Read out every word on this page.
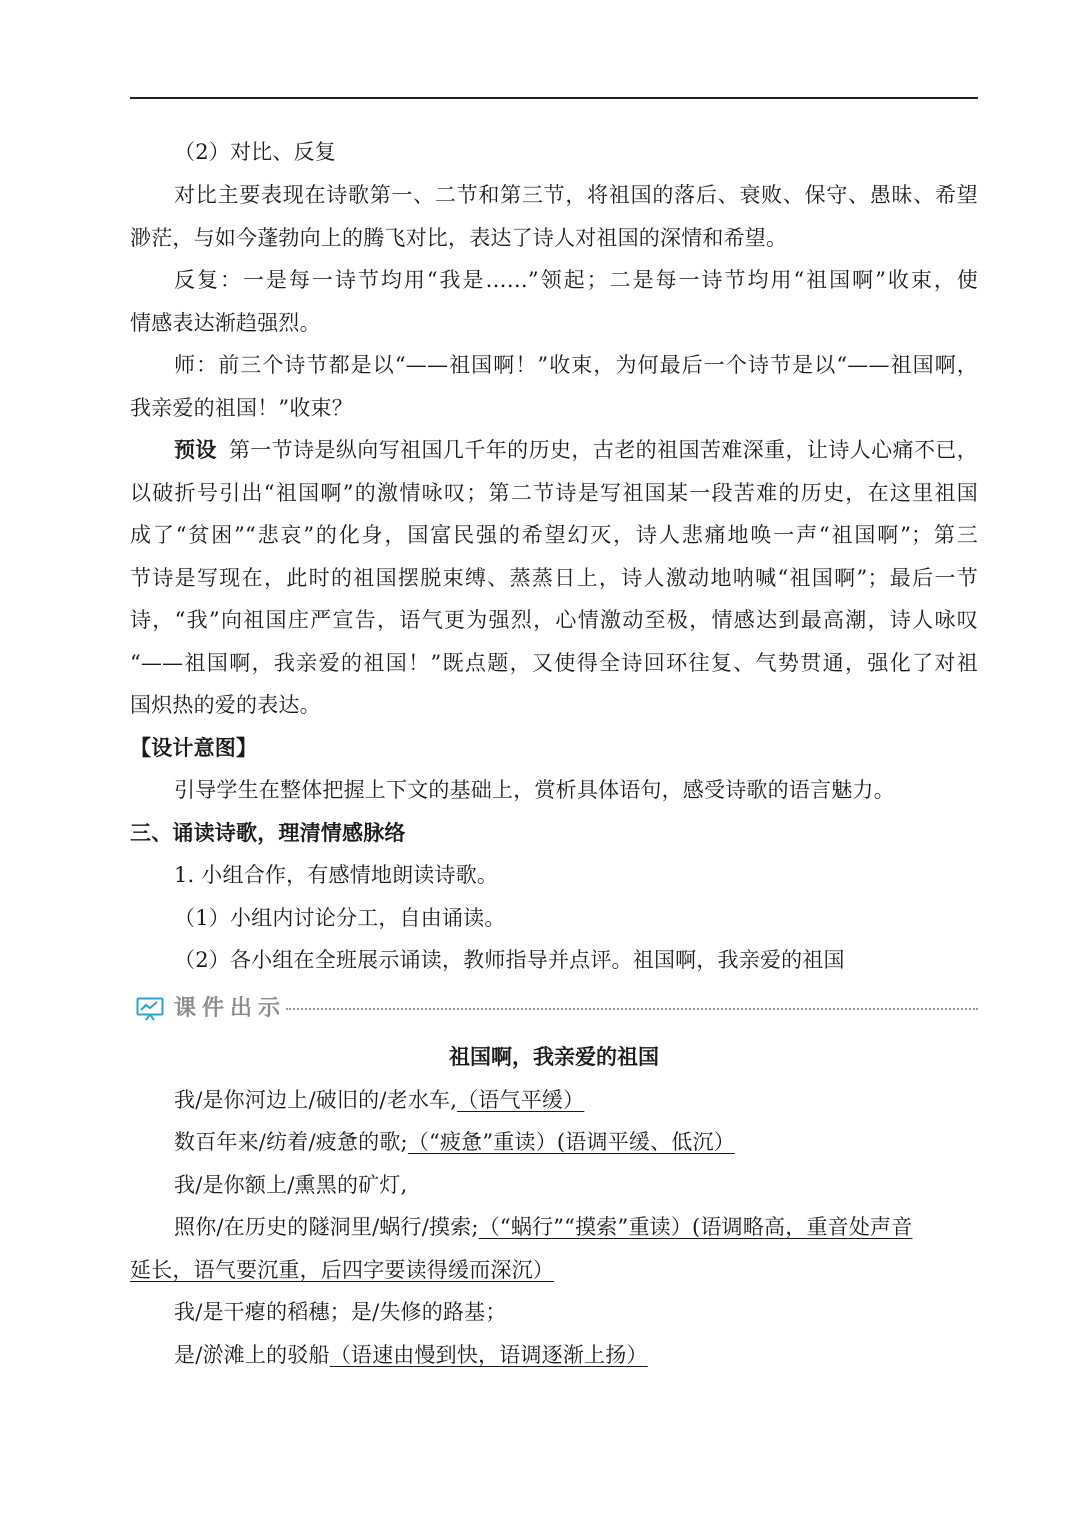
（2）对比、反复
对比主要表现在诗歌第一、二节和第三节，将祖国的落后、衰败、保守、愚昧、希望
渺茫，与如今蓬勃向上的腾飞对比，表达了诗人对祖国的深情和希望。
反复：一是每一诗节均用“我是……”领起；二是每一诗节均用“祖国啊”收束，使
情感表达渐趋强烈。
师：前三个诗节都是以“——祖国啊！”收束，为何最后一个诗节是以“——祖国啊，
我亲爱的祖国！”收束？
预设 第一节诗是纵向写祖国几千年的历史，古老的祖国苦难深重，让诗人心痛不已，
以破折号引出“祖国啊”的激情咏叹；第二节诗是写祖国某一段苦难的历史，在这里祖国
成了“贫困”“悲哀”的化身，国富民强的希望幻灭，诗人悲痛地唤一声“祖国啊”；第三
节诗是写现在，此时的祖国摆脱束缚、蒸蒸日上，诗人激动地呐喊“祖国啊”；最后一节
诗，“我”向祖国庄严宣告，语气更为强烈，心情激动至极，情感达到最高潮，诗人咏叹
“——祖国啊，我亲爱的祖国！”既点题，又使得全诗回环往复、气势贯通，强化了对祖
国炽热的爱的表达。
【设计意图】
引导学生在整体把握上下文的基础上，赏析具体语句，感受诗歌的语言魅力。
三、诵读诗歌，理清情感脉络
1. 小组合作，有感情地朗读诗歌。
（1）小组内讨论分工，自由诵读。
（2）各小组在全班展示诵读，教师指导并点评。祖国啊，我亲爱的祖国
课件出示
祖国啊，我亲爱的祖国
我/是你河边上/破旧的/老水车,（语气平缓）
数百年来/纺着/疲惫的歌;（“疲惫”重读）(语调平缓、低沉）
我/是你额上/熏黑的矿灯,
照你/在历史的隧洞里/蜗行/摸索;（“蜗行”“摸索”重读）(语调略高，重音处声音
延长，语气要沉重，后四字要读得缓而深沉）
我/是干瘪的稻穗；是/失修的路基；
是/淤滩上的驳船（语速由慢到快，语调逐渐上扬）
